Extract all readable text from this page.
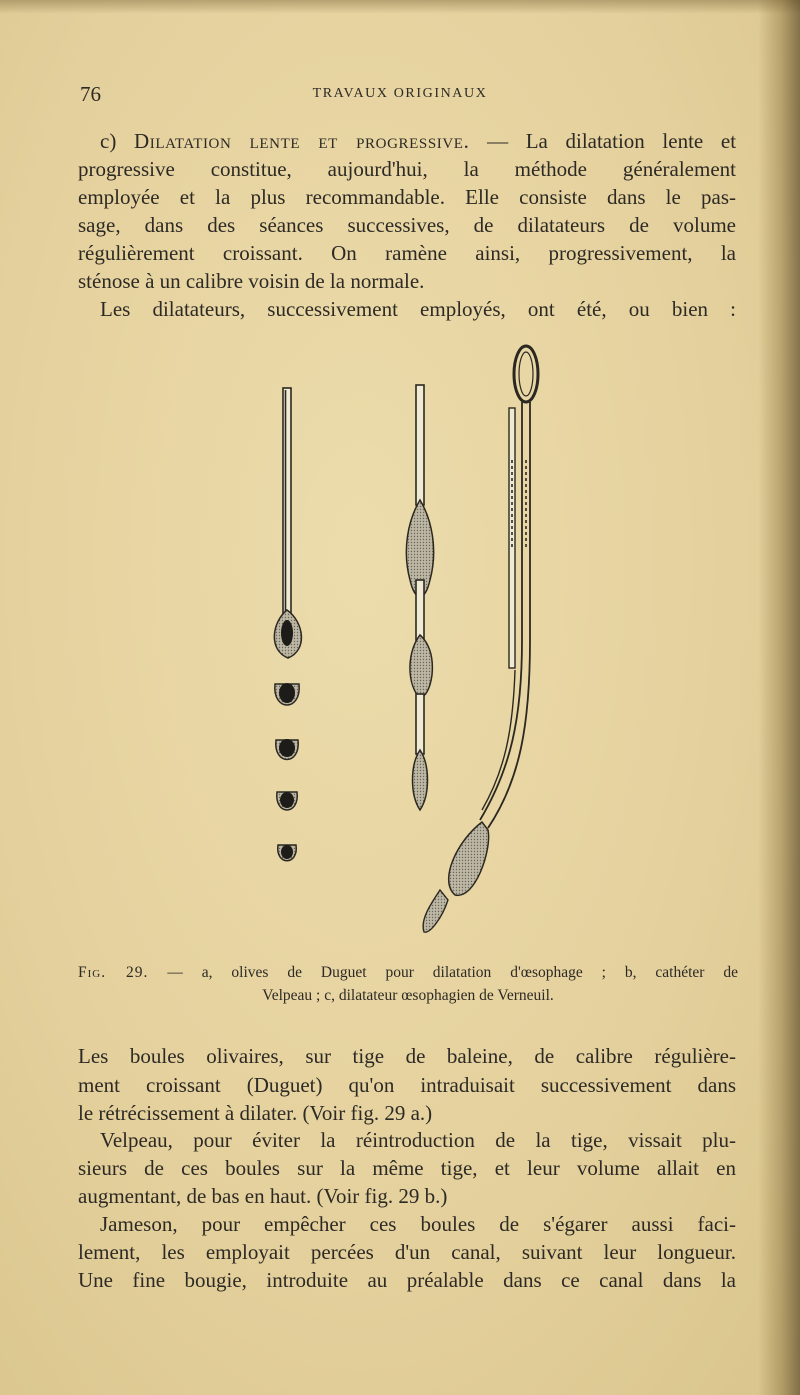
76	TRAVAUX ORIGINAUX
c) Dilatation lente et progressive. — La dilatation lente et
progressive constitue, aujourd'hui, la méthode généralement
employée et la plus recommandable. Elle consiste dans le pas-
sage, dans des séances successives, de dilatateurs de volume
régulièrement croissant. On ramène ainsi, progressivement, la
sténose à un calibre voisin de la normale.
Les dilatateurs, successivement employés, ont été, ou bien :
Fig. 29. — a, olives de Duguet pour dilatation d'œsophage ; b, cathéter de
Velpeau ; c, dilatateur œsophagien de Verneuil.
Les boules olivaires, sur tige de baleine, de calibre régulière-
ment croissant (Duguet) qu'on intraduisait successivement dans
le rétrécissement à dilater. (Voir fig. 29 a.)
Velpeau, pour éviter la réintroduction de la tige, vissait plu-
sieurs de ces boules sur la même tige, et leur volume allait en
augmentant, de bas en haut. (Voir fig. 29 b.)
Jameson, pour empêcher ces boules de s'égarer aussi faci-
lement, les employait percées d'un canal, suivant leur longueur.
Une fine bougie, introduite au préalable dans ce canal dans la
